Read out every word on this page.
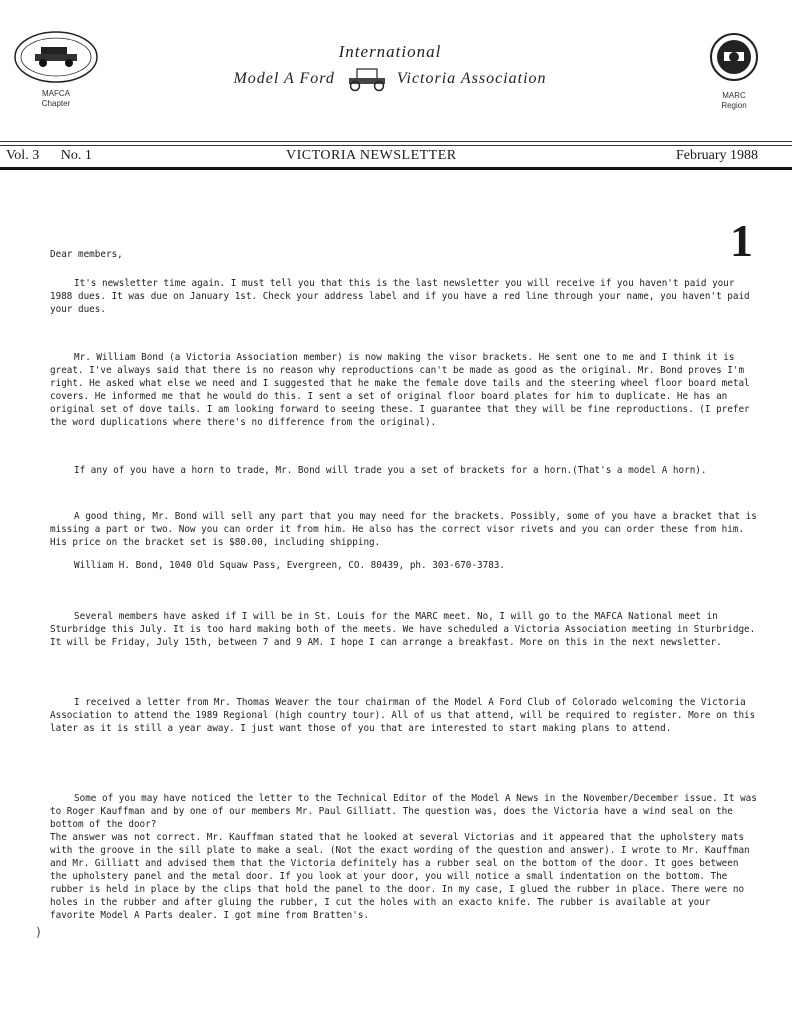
MAFCA
Chapter
International
Model A Ford	Victoria Association
MARC
Region
Vol. 3 No. 1	VICTORIA NEWSLETTER	February 1988
1

Dear members,

It's newsletter time again. I must tell you that this is the last newsletter you will receive if you haven't paid your 1988 dues. It was due on January 1st. Check your address label and if you have a red line through your name, you haven't paid your dues.

Mr. William Bond (a Victoria Association member) is now making the visor brackets. He sent one to me and I think it is great. I've always said that there is no reason why reproductions can't be made as good as the original. Mr. Bond proves I'm right. He asked what else we need and I suggested that he make the female dove tails and the steering wheel floor board metal covers. He informed me that he would do this. I sent a set of original floor board plates for him to duplicate. He has an original set of dove tails. I am looking forward to seeing these. I guarantee that they will be fine reproductions. (I prefer the word duplications where there's no difference from the original).

If any of you have a horn to trade, Mr. Bond will trade you a set of brackets for a horn.(That's a model A horn).

A good thing, Mr. Bond will sell any part that you may need for the brackets. Possibly, some of you have a bracket that is missing a part or two. Now you can order it from him. He also has the correct visor rivets and you can order these from him. His price on the bracket set is $80.00, including shipping.

William H. Bond, 1040 Old Squaw Pass, Evergreen, CO. 80439, ph. 303-670-3783.

Several members have asked if I will be in St. Louis for the MARC meet. No, I will go to the MAFCA National meet in Sturbridge this July. It is too hard making both of the meets. We have scheduled a Victoria Association meeting in Sturbridge. It will be Friday, July 15th, between 7 and 9 AM. I hope I can arrange a breakfast. More on this in the next newsletter.

I received a letter from Mr. Thomas Weaver the tour chairman of the Model A Ford Club of Colorado welcoming the Victoria Association to attend the 1989 Regional (high country tour). All of us that attend, will be required to register. More on this later as it is still a year away. I just want those of you that are interested to start making plans to attend.

Some of you may have noticed the letter to the Technical Editor of the Model A News in the November/December issue. It was to Roger Kauffman and by one of our members Mr. Paul Gilliatt. The question was, does the Victoria have a wind seal on the bottom of the door?

The answer was not correct. Mr. Kauffman stated that he looked at several Victorias and it appeared that the upholstery mats with the groove in the sill plate to make a seal. (Not the exact wording of the question and answer). I wrote to Mr. Kauffman and Mr. Gilliatt and advised them that the Victoria definitely has a rubber seal on the bottom of the door. It goes between the upholstery panel and the metal door. If you look at your door, you will notice a small indentation on the bottom. The rubber is held in place by the clips that hold the panel to the door. In my case, I glued the rubber in place. There were no holes in the rubber and after gluing the rubber, I cut the holes with an exacto knife. The rubber is available at your favorite Model A Parts dealer. I got mine from Bratten's.

)
